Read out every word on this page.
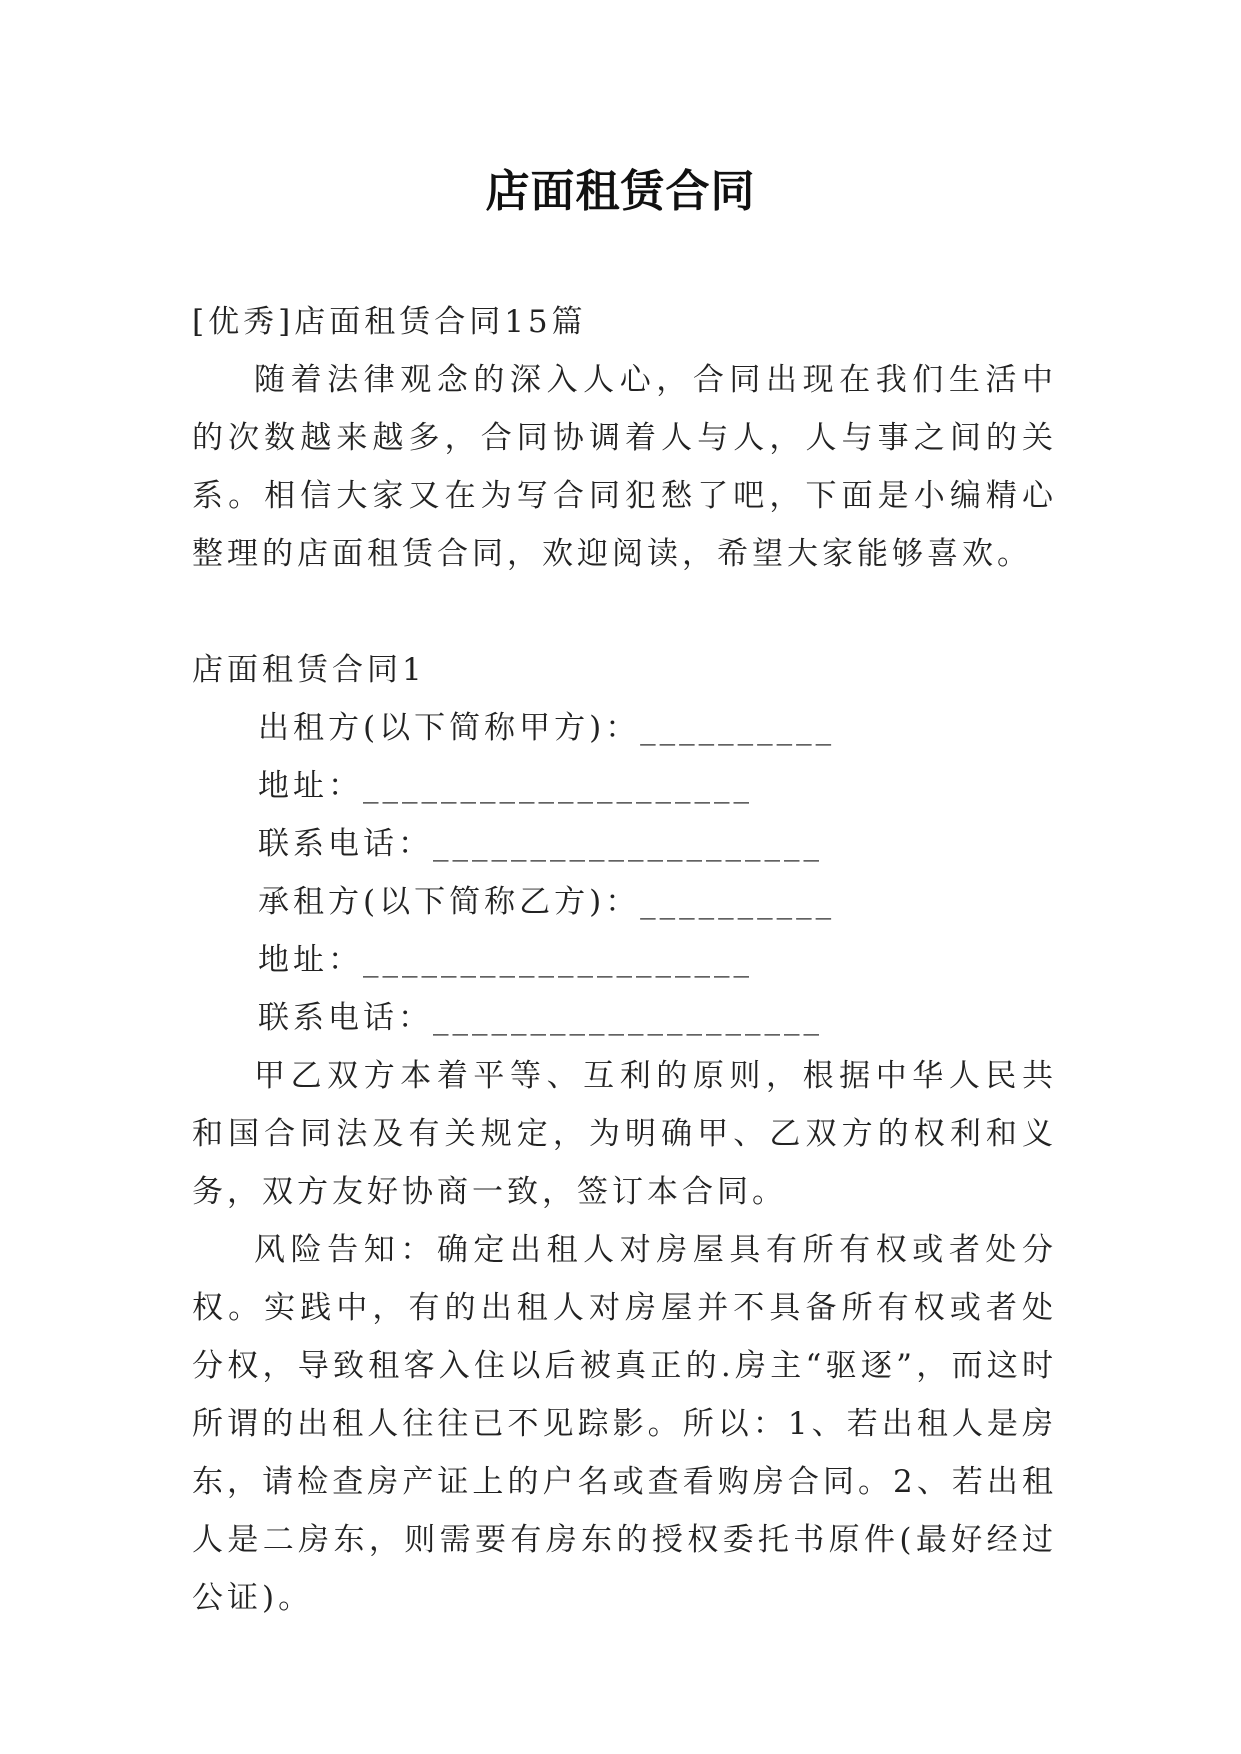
店面租赁合同
[优秀]店面租赁合同15篇
随着法律观念的深入人心，合同出现在我们生活中的次数越来越多，合同协调着人与人，人与事之间的关系。相信大家又在为写合同犯愁了吧，下面是小编精心整理的店面租赁合同，欢迎阅读，希望大家能够喜欢。
店面租赁合同1
出租方(以下简称甲方)：__________
地址：____________________
联系电话：____________________
承租方(以下简称乙方)：__________
地址：____________________
联系电话：____________________
甲乙双方本着平等、互利的原则，根据中华人民共和国合同法及有关规定，为明确甲、乙双方的权利和义务，双方友好协商一致，签订本合同。
风险告知：确定出租人对房屋具有所有权或者处分权。实践中，有的出租人对房屋并不具备所有权或者处分权，导致租客入住以后被真正的.房主“驱逐”，而这时所谓的出租人往往已不见踪影。所以：1、若出租人是房东，请检查房产证上的户名或查看购房合同。2、若出租人是二房东，则需要有房东的授权委托书原件(最好经过公证)。
